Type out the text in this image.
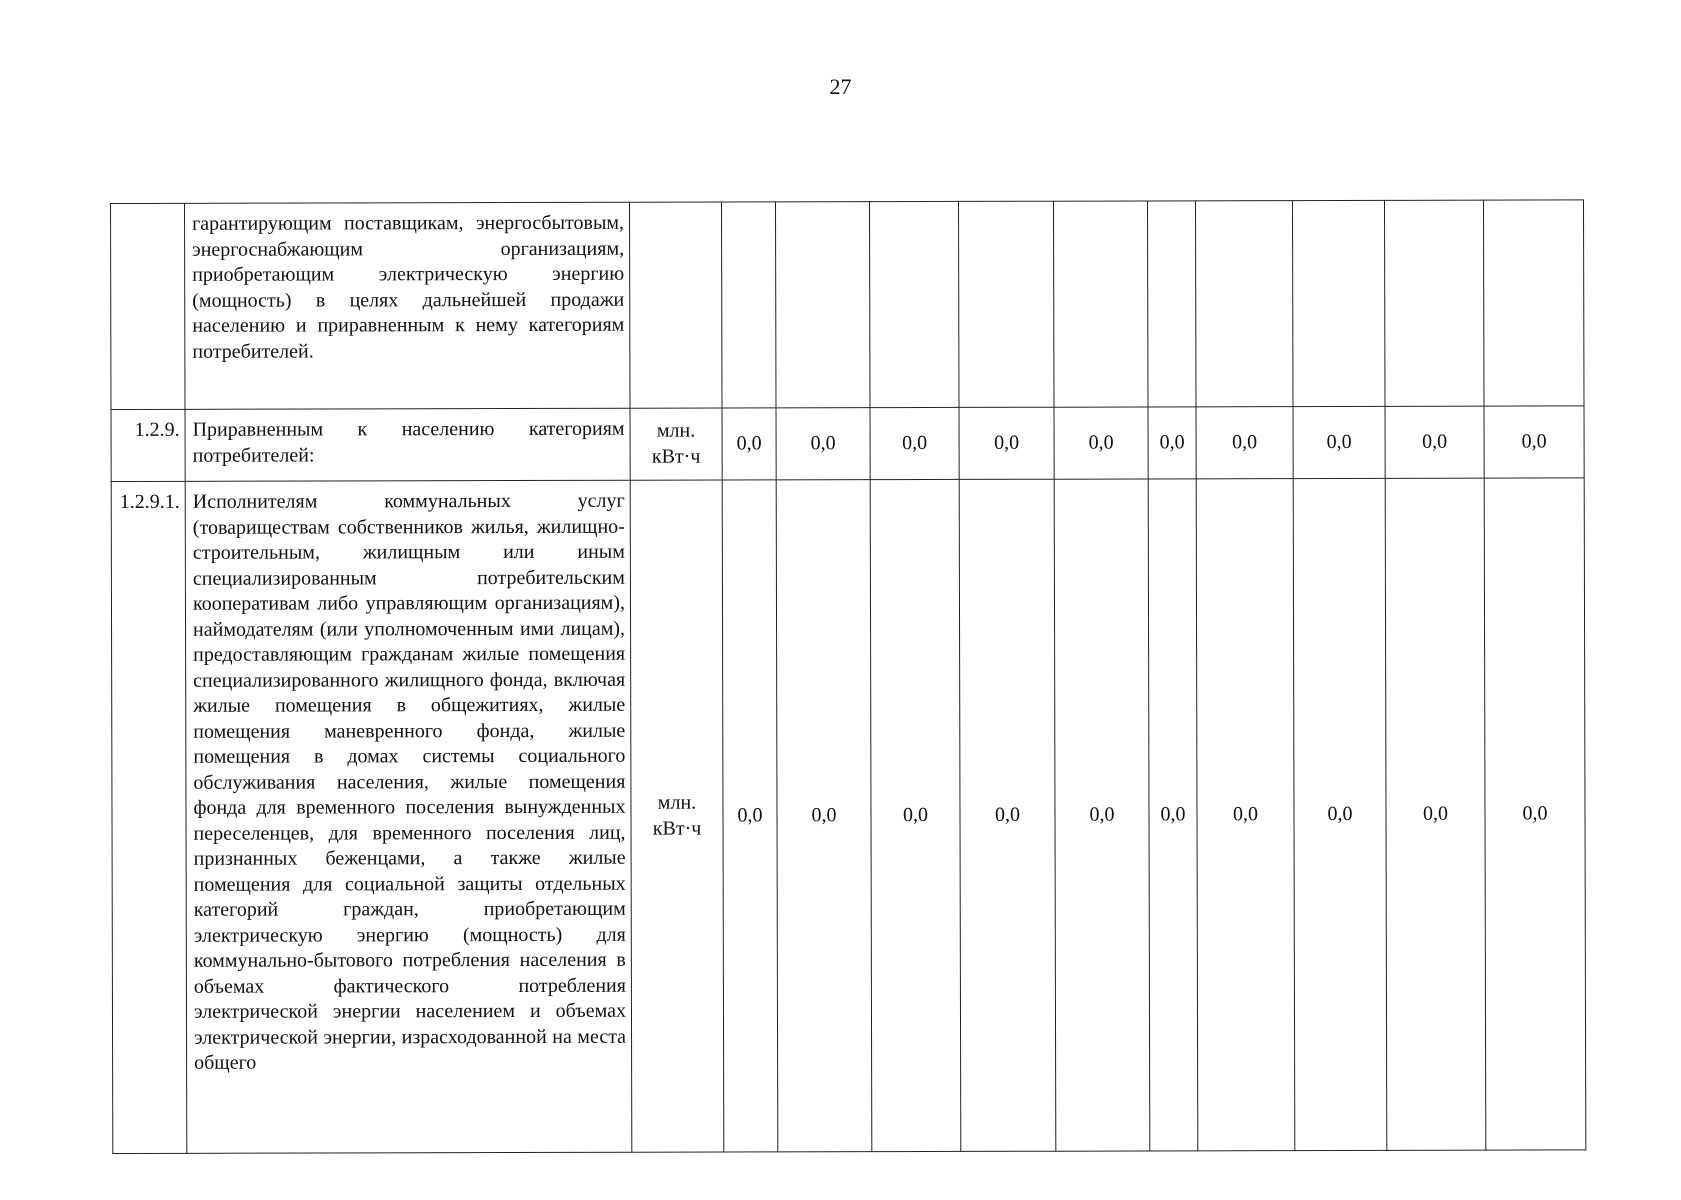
27
	гарантирующим поставщикам, энергосбытовым, энергоснабжающим организациям, приобретающим электрическую энергию (мощность) в целях дальнейшей продажи населению и приравненным к нему категориям потребителей.	

1.2.9.	Приравненным к населению категориям потребителей:	млн.
кВт·ч	0,0	0,0	0,0	0,0	0,0	0,0	0,0	0,0	0,0	0,0
1.2.9.1.	Исполнителям коммунальных услуг (товариществам собственников жилья, жилищно-строительным, жилищным или иным специализированным потребительским кооперативам либо управляющим организациям), наймодателям (или уполномоченным ими лицам), предоставляющим гражданам жилые помещения специализированного жилищного фонда, включая жилые помещения в общежитиях, жилые помещения маневренного фонда, жилые помещения в домах системы социального обслуживания населения, жилые помещения фонда для временного поселения вынужденных переселенцев, для временного поселения лиц, признанных беженцами, а также жилые помещения для социальной защиты отдельных категорий граждан, приобретающим электрическую энергию (мощность) для коммунально-бытового потребления населения в объемах фактического потребления электрической энергии населением и объемах электрической энергии, израсходованной на места общего	млн.
кВт·ч	0,0	0,0	0,0	0,0	0,0	0,0	0,0	0,0	0,0	0,0
